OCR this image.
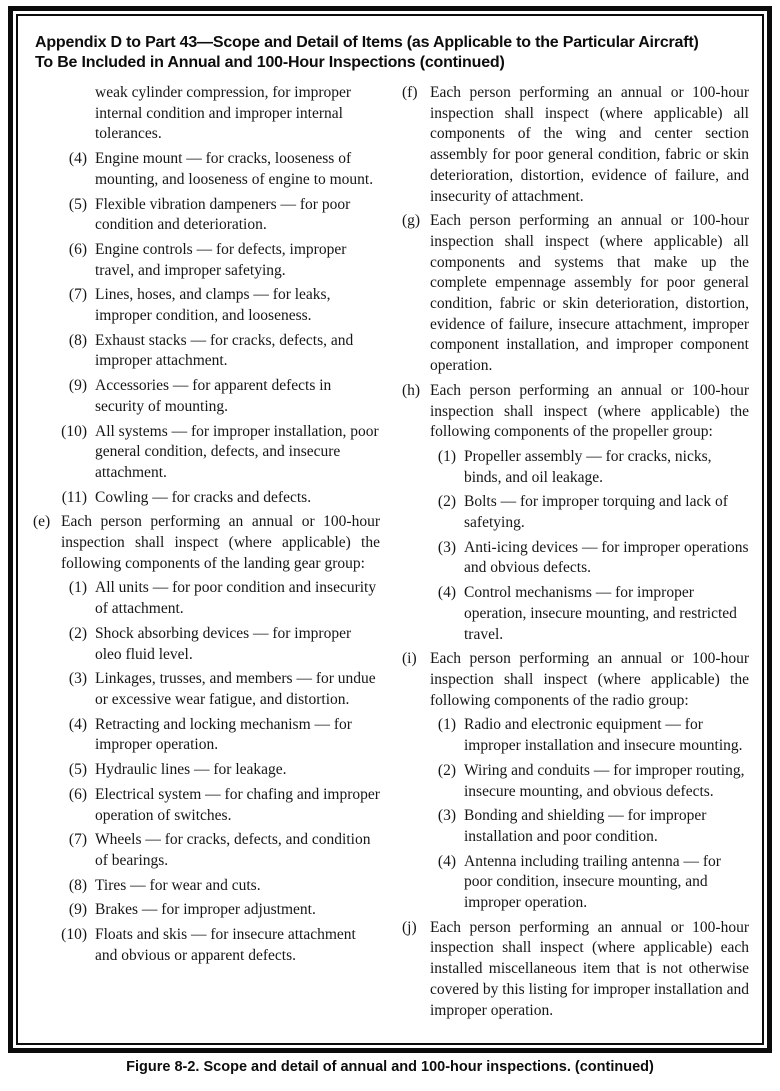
Appendix D to Part 43—Scope and Detail of Items (as Applicable to the Particular Aircraft)
To Be Included in Annual and 100-Hour Inspections (continued)
weak cylinder compression, for improper internal condition and improper internal tolerances.
(4) Engine mount — for cracks, looseness of mounting, and looseness of engine to mount.
(5) Flexible vibration dampeners — for poor condition and deterioration.
(6) Engine controls — for defects, improper travel, and improper safetying.
(7) Lines, hoses, and clamps — for leaks, improper condition, and looseness.
(8) Exhaust stacks — for cracks, defects, and improper attachment.
(9) Accessories — for apparent defects in security of mounting.
(10) All systems — for improper installation, poor general condition, defects, and insecure attachment.
(11) Cowling — for cracks and defects.
(e) Each person performing an annual or 100-hour inspection shall inspect (where applicable) the following components of the landing gear group:
(1) All units — for poor condition and insecurity of attachment.
(2) Shock absorbing devices — for improper oleo fluid level.
(3) Linkages, trusses, and members — for undue or excessive wear fatigue, and distortion.
(4) Retracting and locking mechanism — for improper operation.
(5) Hydraulic lines — for leakage.
(6) Electrical system — for chafing and improper operation of switches.
(7) Wheels — for cracks, defects, and condition of bearings.
(8) Tires — for wear and cuts.
(9) Brakes — for improper adjustment.
(10) Floats and skis — for insecure attachment and obvious or apparent defects.
(f) Each person performing an annual or 100-hour inspection shall inspect (where applicable) all components of the wing and center section assembly for poor general condition, fabric or skin deterioration, distortion, evidence of failure, and insecurity of attachment.
(g) Each person performing an annual or 100-hour inspection shall inspect (where applicable) all components and systems that make up the complete empennage assembly for poor general condition, fabric or skin deterioration, distortion, evidence of failure, insecure attachment, improper component installation, and improper component operation.
(h) Each person performing an annual or 100-hour inspection shall inspect (where applicable) the following components of the propeller group:
(1) Propeller assembly — for cracks, nicks, binds, and oil leakage.
(2) Bolts — for improper torquing and lack of safetying.
(3) Anti-icing devices — for improper operations and obvious defects.
(4) Control mechanisms — for improper operation, insecure mounting, and restricted travel.
(i) Each person performing an annual or 100-hour inspection shall inspect (where applicable) the following components of the radio group:
(1) Radio and electronic equipment — for improper installation and insecure mounting.
(2) Wiring and conduits — for improper routing, insecure mounting, and obvious defects.
(3) Bonding and shielding — for improper installation and poor condition.
(4) Antenna including trailing antenna — for poor condition, insecure mounting, and improper operation.
(j) Each person performing an annual or 100-hour inspection shall inspect (where applicable) each installed miscellaneous item that is not otherwise covered by this listing for improper installation and improper operation.
Figure 8-2. Scope and detail of annual and 100-hour inspections. (continued)
